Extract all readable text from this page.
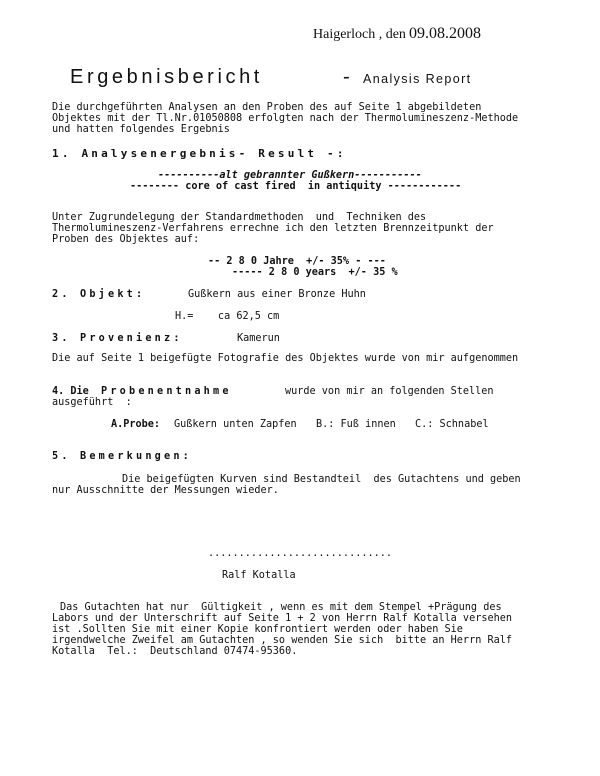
Haigerloch , den 09.08.2008
Ergebnisbericht	- Analysis Report
Die durchgeführten Analysen an den Proben des auf Seite 1 abgebildeten
Objektes mit der Tl.Nr.01050808 erfolgten nach der Thermolumineszenz-Methode
und hatten folgendes Ergebnis
1. Analysenergebnis- Result -:
----------alt gebrannter Gußkern-----------
-------- core of cast fired  in antiquity ------------
Unter Zugrundelegung der Standardmethoden  und  Techniken des
Thermolumineszenz-Verfahrens errechne ich den letzten Brennzeitpunkt der
Proben des Objektes auf:
-- 2 8 0 Jahre  +/- 35% - ---
----- 2 8 0 years  +/- 35 %
2. Objekt:	Gußkern aus einer Bronze Huhn
H.=    ca 62,5 cm
3. Provenienz:	Kamerun
Die auf Seite 1 beigefügte Fotografie des Objektes wurde von mir aufgenommen
4. Die Probenentnahme	wurde von mir an folgenden Stellen
ausgeführt  :
A.Probe: Gußkern unten Zapfen B.: Fuß innen C.: Schnabel
5. Bemerkungen:
Die beigefügten Kurven sind Bestandteil  des Gutachtens und geben
nur Ausschnitte der Messungen wieder.
..............................
Ralf Kotalla
Das Gutachten hat nur  Gültigkeit , wenn es mit dem Stempel +Prägung des
Labors und der Unterschrift auf Seite 1 + 2 von Herrn Ralf Kotalla versehen
ist .Sollten Sie mit einer Kopie konfrontiert werden oder haben Sie
irgendwelche Zweifel am Gutachten , so wenden Sie sich  bitte an Herrn Ralf
Kotalla  Tel.:  Deutschland 07474-95360.
